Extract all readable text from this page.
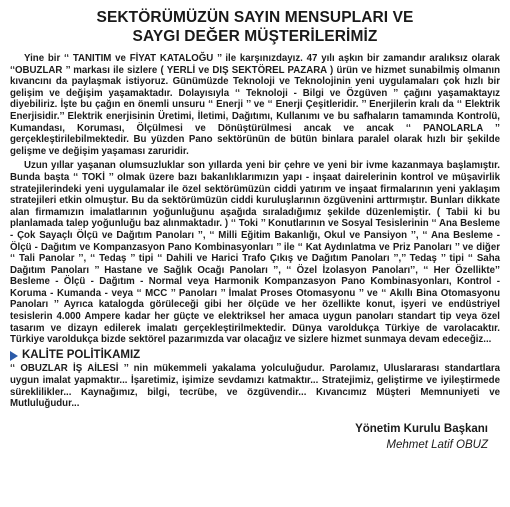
SEKTÖRÜMÜZÜN SAYIN MENSUPLARI VE
SAYGI DEĞER MÜŞTERİLERİMİZ

Yine bir ‘‘ TANITIM ve FİYAT KATALOĞU ’’ ile karşınızdayız. 47 yılı aşkın bir zamandır aralıksız olarak ‘‘OBUZLAR ’’ markası ile sizlere ( YERLİ ve DIŞ SEKTÖREL PAZARA ) ürün ve hizmet sunabilmiş olmanın kıvancını da paylaşmak istiyoruz. Günümüzde Teknoloji ve Teknolojinin yeni uygulamaları çok hızlı bir gelişim ve değişim yaşamaktadır. Dolayısıyla ‘‘ Teknoloji - Bilgi ve Özgüven ’’ çağını yaşamaktayız diyebiliriz. İşte bu çağın en önemli unsuru ‘‘ Enerji ’’ ve ‘‘ Enerji Çeşitleridir. ’’ Enerjilerin kralı da ‘‘ Elektrik Enerjisidir.’’ Elektrik enerjisinin Üretimi, İletimi, Dağıtımı, Kullanımı ve bu safhaların tamamında Kontrolü, Kumandası, Koruması, Ölçülmesi ve Dönüştürülmesi ancak ve ancak ‘‘ PANOLARLA ’’ gerçekleştirilebilmektedir. Bu yüzden Pano sektörünün de bütün binlara paralel olarak hızlı bir şekilde gelişme ve değişim yaşaması zaruridir.

Uzun yıllar yaşanan olumsuzluklar son yıllarda yeni bir çehre ve yeni bir ivme kazanmaya başlamıştır. Bunda başta ‘‘ TOKİ ’’ olmak üzere bazı bakanlıklarımızın yapı - inşaat dairelerinin kontrol ve müşavirlik stratejilerindeki yeni uygulamalar ile özel sektörümüzün ciddi yatırım ve inşaat firmalarının yeni yaklaşım stratejileri etkin olmuştur. Bu da sektörümüzün ciddi kuruluşlarının özgüvenini arttırmıştır. Bunları dikkate alan firmamızın imalatlarının yoğunluğunu aşağıda sıraladığımız şekilde düzenlemiştir. ( Tabii ki bu planlamada talep yoğunluğu baz alınmaktadır. ) ‘‘ Toki ’’ Konutlarının ve Sosyal Tesislerinin ‘‘ Ana Besleme - Çok Sayaçlı Ölçü ve Dağıtım Panoları ’’, ‘‘ Milli Eğitim Bakanlığı, Okul ve Pansiyon ’’, ‘‘ Ana Besleme - Ölçü - Dağıtım ve Kompanzasyon Pano Kombinasyonları ’’ ile ‘‘ Kat Aydınlatma ve Priz Panoları ’’ ve diğer ‘‘ Tali Panolar ’’, ‘‘ Tedaş ’’ tipi ‘‘ Dahili ve Harici Trafo Çıkış ve Dağıtım Panoları ’’,’’ Tedaş ’’ tipi ‘‘ Saha Dağıtım Panoları ’’ Hastane ve Sağlık Ocağı Panoları ’’, ‘‘ Özel İzolasyon Panoları’’, ‘‘ Her Özellikte’’ Besleme - Ölçü - Dağıtım - Normal veya Harmonik Kompanzasyon Pano Kombinasyonları, Kontrol - Koruma - Kumanda - veya ‘‘ MCC ’’ Panoları ’’ İmalat Proses Otomasyonu ’’ ve ‘‘ Akıllı Bina Otomasyonu Panoları ’’ Ayrıca katalogda görüleceği gibi her ölçüde ve her özellikte konut, işyeri ve endüstriyel tesislerin 4.000 Ampere kadar her güçte ve elektriksel her amaca uygun panoları standart tip veya özel tasarım ve dizayn edilerek imalatı gerçekleştirilmektedir. Dünya varoldukça Türkiye de varolacaktır. Türkiye varoldukça bizde sektörel pazarımızda var olacağız ve sizlere hizmet sunmaya devam edeceğiz...

KALİTE POLİTİKAMIZ

‘‘ OBUZLAR İŞ AİLESİ ’’ nin mükemmeli yakalama yolculuğudur. Parolamız, Uluslararası standartlara uygun imalat yapmaktır... İşaretimiz, işimize sevdamızı katmaktır... Stratejimiz, geliştirme ve iyileştirmede süreklilikler... Kaynağımız, bilgi, tecrübe, ve özgüvendir... Kıvancımız Müşteri Memnuniyeti ve Mutluluğudur...

Yönetim Kurulu Başkanı
Mehmet Latif OBUZ
